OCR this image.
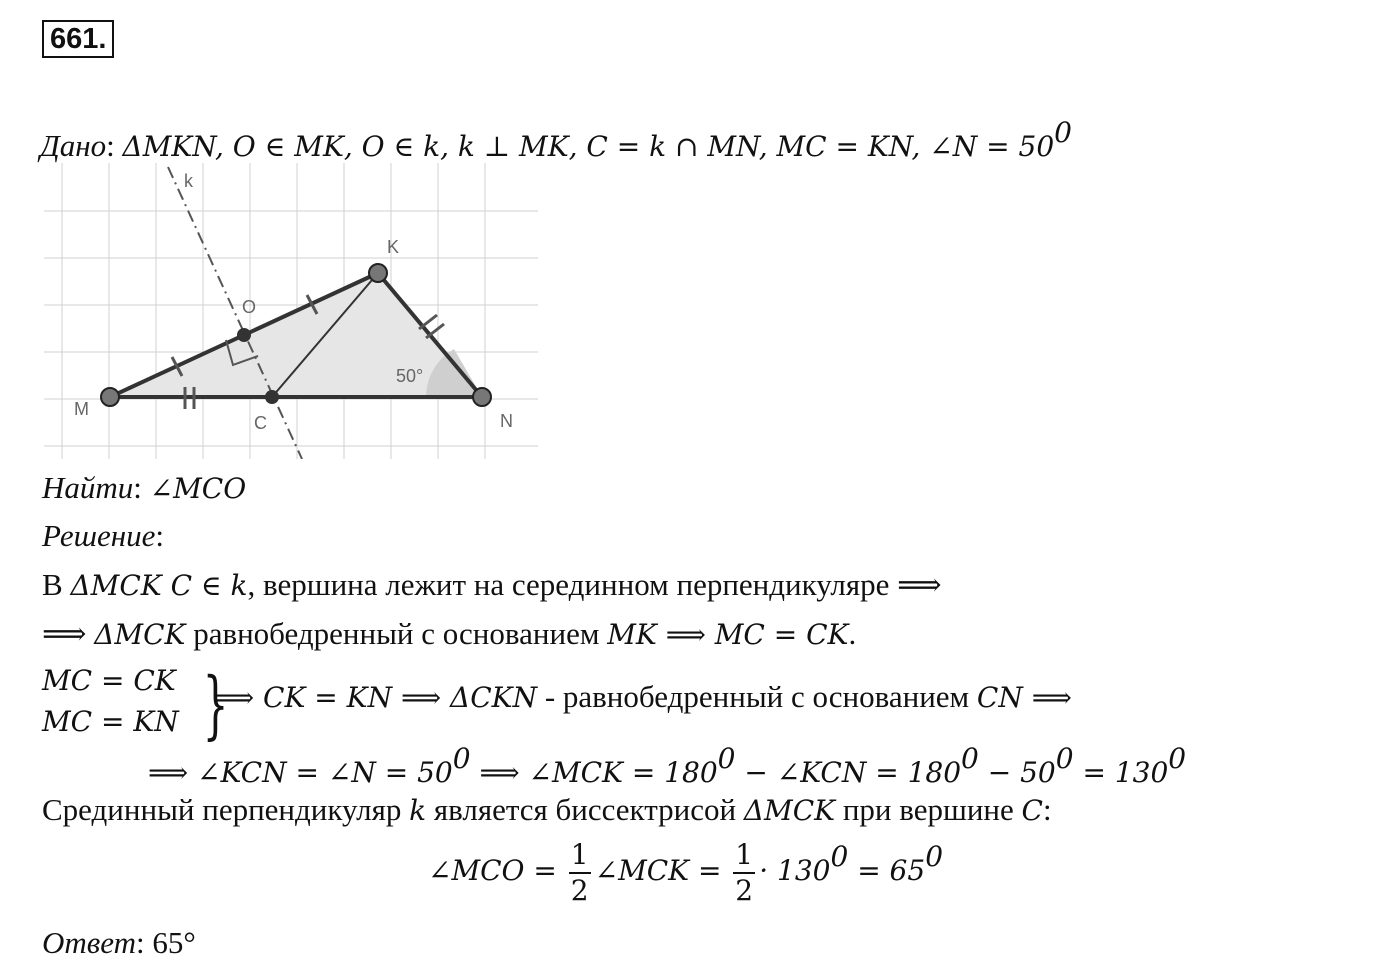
661.
Дано: ΔMKN, O ∈ MK, O ∈ k, k ⊥ MK, C = k ∩ MN, MC = KN, ∠N = $50^0$
k
K
O
M
C	N
50°
Найти: ∠MCO
Решение:
В ΔMCK C ∈ k, вершина лежит на серединном перпендикуляре ⟹
⟹ ΔMCK равнобедренный с основанием MK ⟹ MC = CK.
MC = CK
MC = KN }
⟹ CK = KN ⟹ ΔCKN - равнобедренный с основанием CN ⟹
⟹ ∠KCN = ∠N = $50^0$ ⟹ ∠MCK = $180^0$ − ∠KCN = $180^0 - 50^0 = 130^0$
Срединный перпендикуляр k является биссектрисой ΔMCK при вершине C:
∠MCO = $\frac{1}{2}$ ∠MCK = $\frac{1}{2} \cdot 130^0 = 65^0$
Ответ: 65°
